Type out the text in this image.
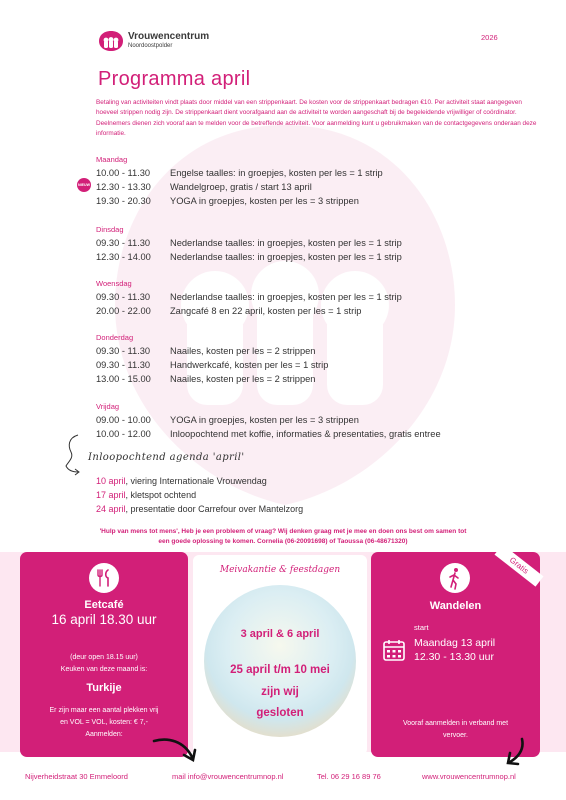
Vrouwencentrum
Noordoostpolder
2026
Programma april
Betaling van activiteiten vindt plaats door middel van een strippenkaart. De kosten voor de strippenkaart bedragen €10. Per activiteit staat aangegeven hoeveel strippen nodig zijn. De strippenkaart dient voorafgaand aan de activiteit te worden aangeschaft bij de begeleidende vrijwilliger of coördinator. Deelnemers dienen zich vooraf aan te melden voor de betreffende activiteit. Voor aanmelding kunt u gebruikmaken van de contactgegevens onderaan deze informatie.
Maandag
10.00 - 11.30 Engelse taalles: in groepjes, kosten per les = 1 strip
12.30 - 13.30 Wandelgroep, gratis / start 13 april
19.30 - 20.30 YOGA in groepjes, kosten per les = 3 strippen
NIEUW
Dinsdag
09.30 - 11.30 Nederlandse taalles: in groepjes, kosten per les = 1 strip
12.30 - 14.00 Nederlandse taalles: in groepjes, kosten per les = 1 strip
Woensdag
09.30 - 11.30 Nederlandse taalles: in groepjes, kosten per les = 1 strip
20.00 - 22.00 Zangcafé 8 en 22 april, kosten per les = 1 strip
Donderdag
09.30 - 11.30 Naailes, kosten per les = 2 strippen
09.30 - 11.30 Handwerkcafé, kosten per les = 1 strip
13.00 - 15.00 Naailes, kosten per les = 2 strippen
Vrijdag
09.00 - 10.00 YOGA in groepjes, kosten per les = 3 strippen
10.00 - 12.00 Inloopochtend met koffie, informaties & presentaties, gratis entree
Inloopochtend agenda 'april'
10 april, viering Internationale Vrouwendag
17 april, kletspot ochtend
24 april, presentatie door Carrefour over Mantelzorg
'Hulp van mens tot mens', Heb je een probleem of vraag? Wij denken graag met je mee en doen ons best om samen tot
een goede oplossing te komen. Cornelia (06-20091698) of Taoussa (06-48671320)
Eetcafé
16 april 18.30 uur
(deur open 18.15 uur)
Keuken van deze maand is:
Turkije
Er zijn maar een aantal plekken vrij
en VOL = VOL, kosten: € 7,-
Aanmelden:
Meivakantie & feestdagen
3 april & 6 april
25 april t/m 10 mei
zijn wij
gesloten
Wandelen
start
Maandag 13 april
12.30 - 13.30 uur
Vooraf aanmelden in verband met
vervoer.
Gratis
Nijverheidstraat 30 Emmeloord	mail info@vrouwencentrumnop.nl	Tel. 06 29 16 89 76	www.vrouwencentrumnop.nl
